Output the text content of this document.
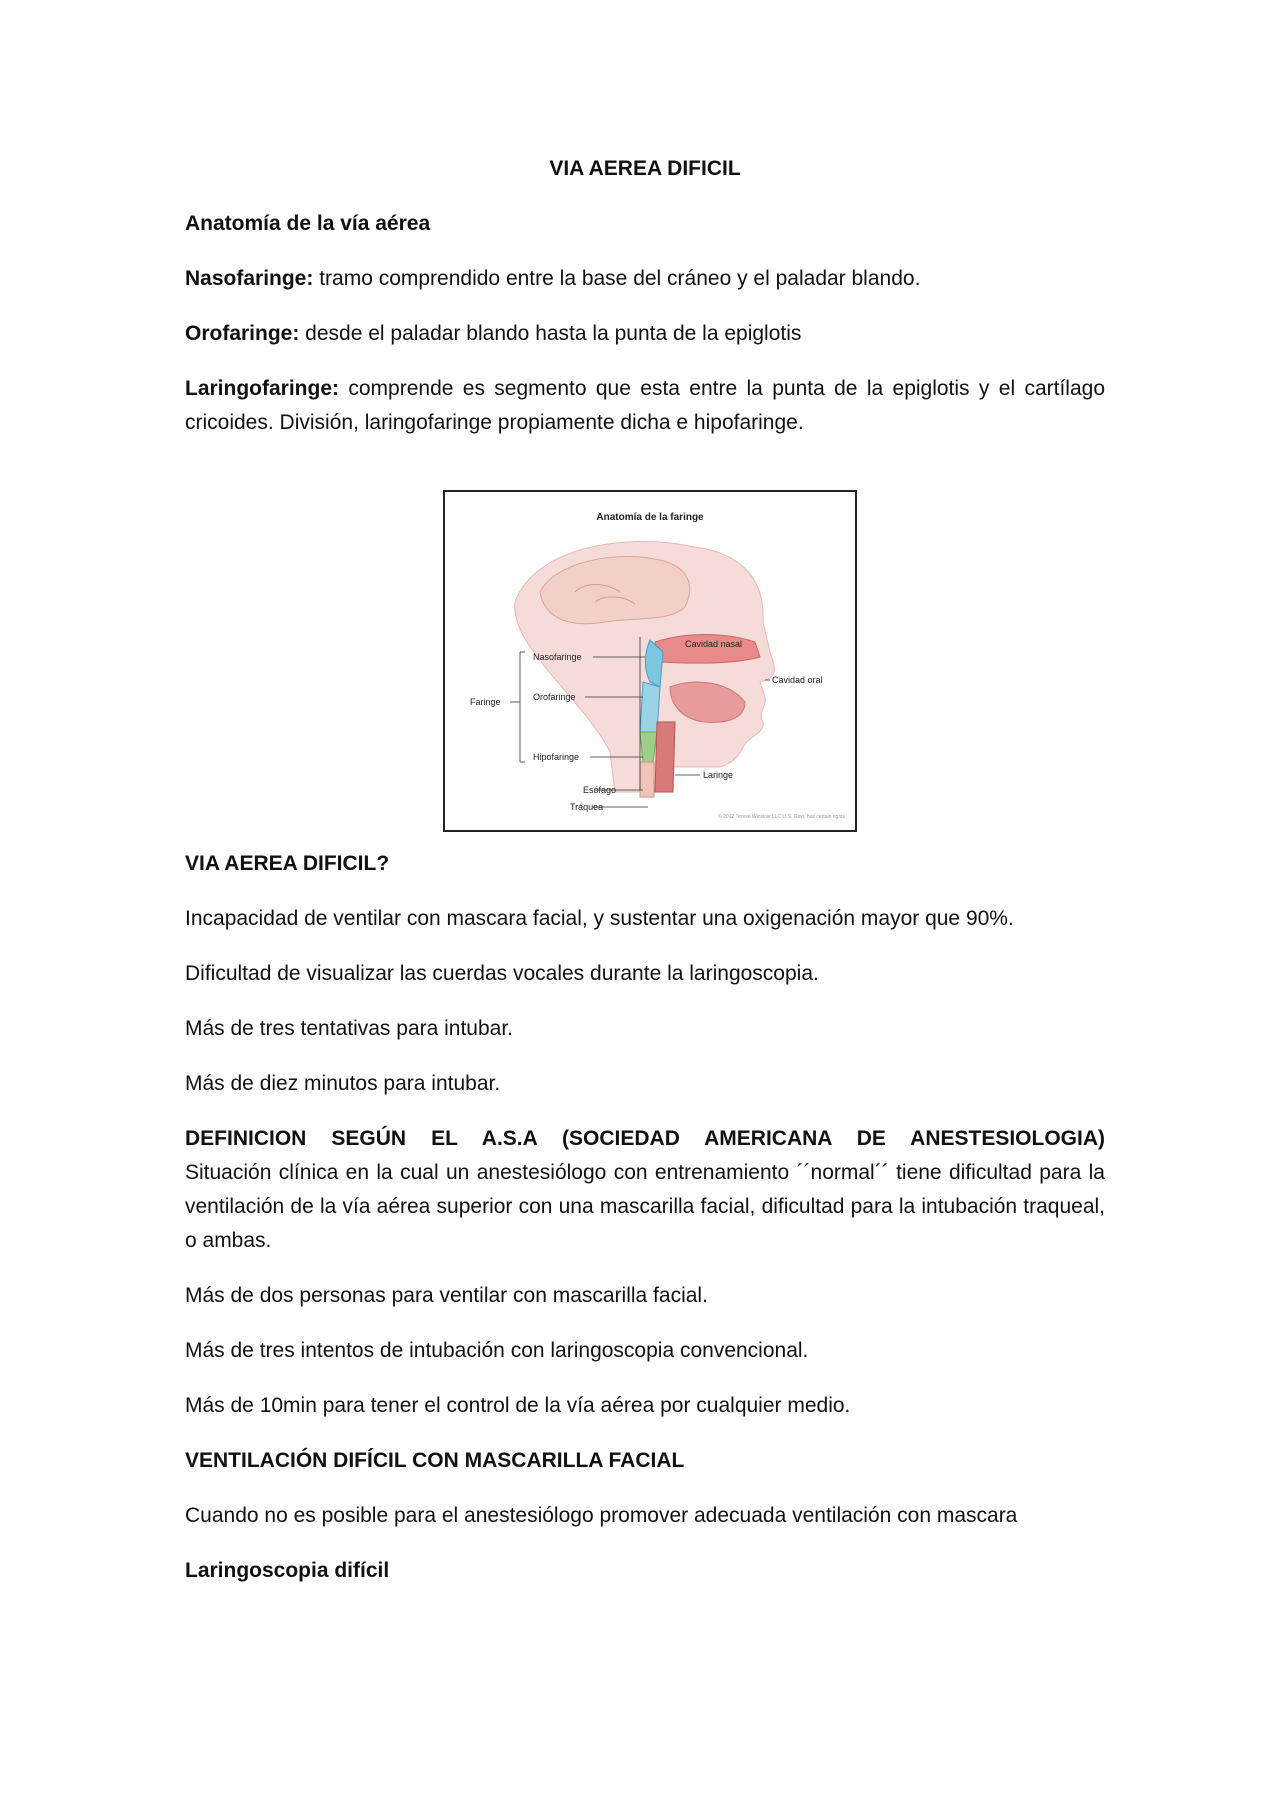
VIA AEREA DIFICIL

Anatomía de la vía aérea

Nasofaringe: tramo comprendido entre la base del cráneo y el paladar blando.

Orofaringe: desde el paladar blando hasta la punta de la epiglotis

Laringofaringe: comprende es segmento que esta entre la punta de la epiglotis y el cartílago cricoides. División, laringofaringe propiamente dicha e hipofaringe.

Anatomía de la faringe
Cavidad nasal
Cavidad oral
Nasofaringe
Orofaringe
Faringe
Hipofaringe
Laringe
Esófago
Tráquea
© 2012 Terese Winslow LLC U.S. Govt. has certain rights

VIA AEREA DIFICIL?

Incapacidad de ventilar con mascara facial, y sustentar una oxigenación mayor que 90%.

Dificultad de visualizar las cuerdas vocales durante la laringoscopia.

Más de tres tentativas para intubar.

Más de diez minutos para intubar.

DEFINICION SEGÚN EL A.S.A (SOCIEDAD AMERICANA DE ANESTESIOLOGIA)

Situación clínica en la cual un anestesiólogo con entrenamiento ´´normal´´ tiene dificultad para la ventilación de la vía aérea superior con una mascarilla facial, dificultad para la intubación traqueal, o ambas.

Más de dos personas para ventilar con mascarilla facial.

Más de tres intentos de intubación con laringoscopia convencional.

Más de 10min para tener el control de la vía aérea por cualquier medio.

VENTILACIÓN DIFÍCIL CON MASCARILLA FACIAL

Cuando no es posible para el anestesiólogo promover adecuada ventilación con mascara

Laringoscopia difícil
